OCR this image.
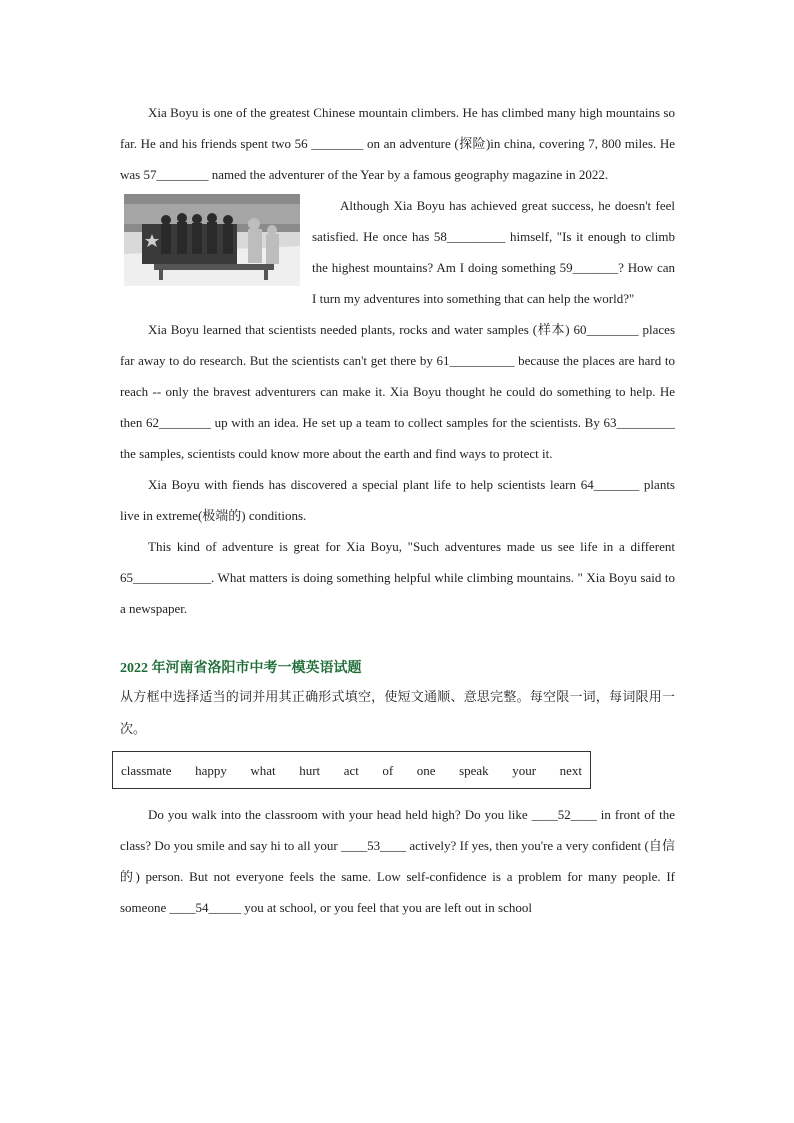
Xia Boyu is one of the greatest Chinese mountain climbers. He has climbed many high mountains so far. He and his friends spent two 56 ________ on an adventure (探险)in china, covering 7, 800 miles. He was 57________ named the adventurer of the Year by a famous geography magazine in 2022.

Although Xia Boyu has achieved great success, he doesn't feel satisfied. He once has 58_________ himself, "Is it enough to climb the highest mountains? Am I doing something 59_______? How can I turn my adventures into something that can help the world?"

Xia Boyu learned that scientists needed plants, rocks and water samples (样本) 60________ places far away to do research. But the scientists can't get there by 61__________ because the places are hard to reach -- only the bravest adventurers can make it. Xia Boyu thought he could do something to help. He then 62________ up with an idea. He set up a team to collect samples for the scientists. By 63_________ the samples, scientists could know more about the earth and find ways to protect it.

Xia Boyu with fiends has discovered a special plant life to help scientists learn 64_______ plants live in extreme(极端的) conditions.

This kind of adventure is great for Xia Boyu, "Such adventures made us see life in a different 65____________. What matters is doing something helpful while climbing mountains. " Xia Boyu said to a newspaper.

2022 年河南省洛阳市中考一模英语试题

从方框中选择适当的词并用其正确形式填空，使短文通顺、意思完整。每空限一词，每词限用一次。

classmate happy what hurt act of one speak your next

Do you walk into the classroom with your head held high? Do you like ____52____ in front of the class? Do you smile and say hi to all your ____53____ actively? If yes, then you're a very confident (自信的) person. But not everyone feels the same. Low self-confidence is a problem for many people. If someone ____54_____ you at school, or you feel that you are left out in school
